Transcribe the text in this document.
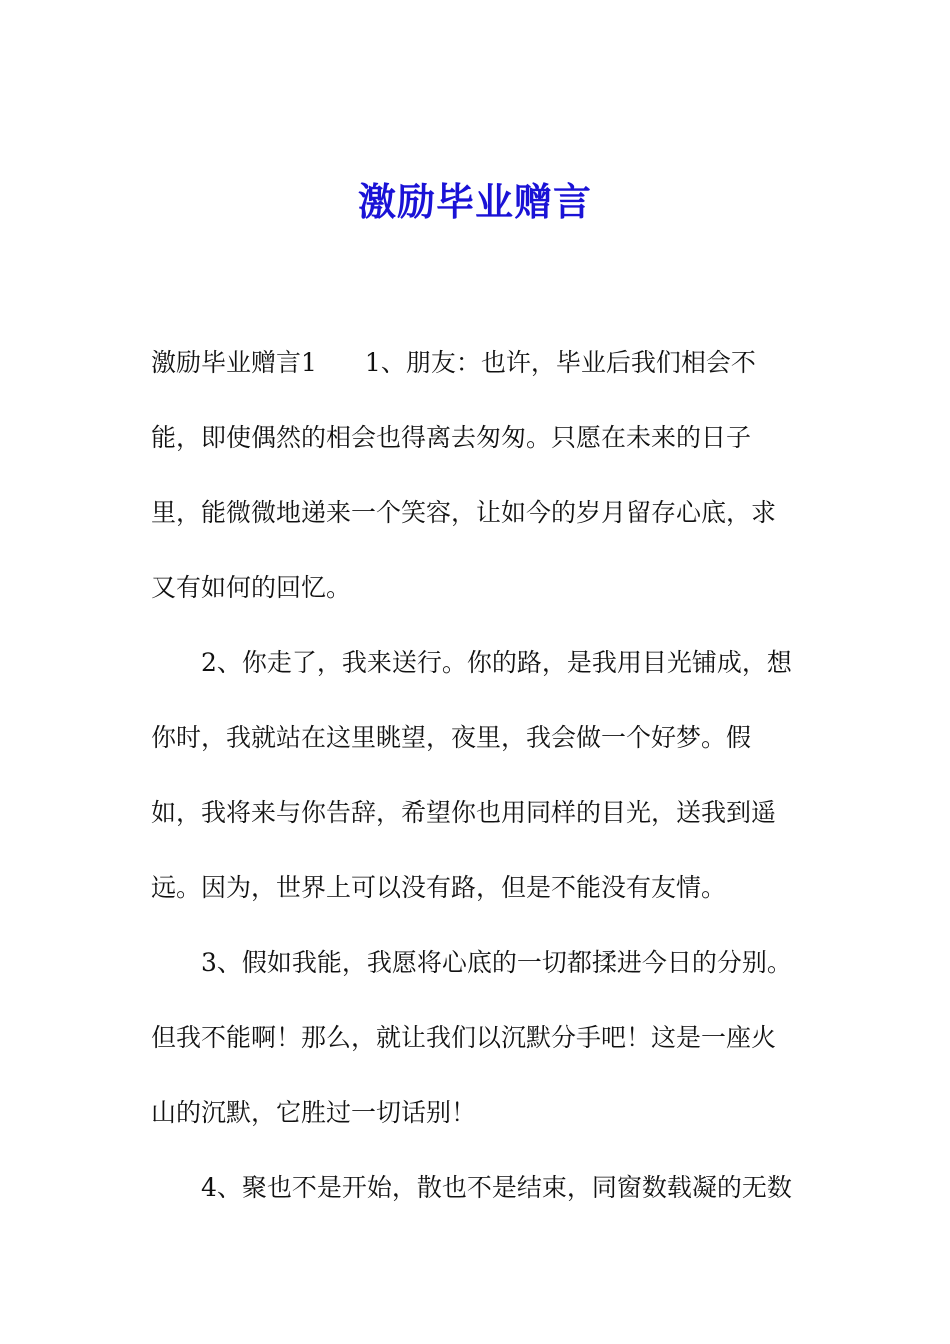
激励毕业赠言
激励毕业赠言1 1、朋友：也许，毕业后我们相会不
能，即使偶然的相会也得离去匆匆。只愿在未来的日子
里，能微微地递来一个笑容，让如今的岁月留存心底，求
又有如何的回忆。
2、你走了，我来送行。你的路，是我用目光铺成，想
你时，我就站在这里眺望，夜里，我会做一个好梦。假
如，我将来与你告辞，希望你也用同样的目光，送我到遥
远。因为，世界上可以没有路，但是不能没有友情。
3、假如我能，我愿将心底的一切都揉进今日的分别。
但我不能啊！那么，就让我们以沉默分手吧！这是一座火
山的沉默，它胜过一切话别！
4、聚也不是开始，散也不是结束，同窗数载凝的无数
